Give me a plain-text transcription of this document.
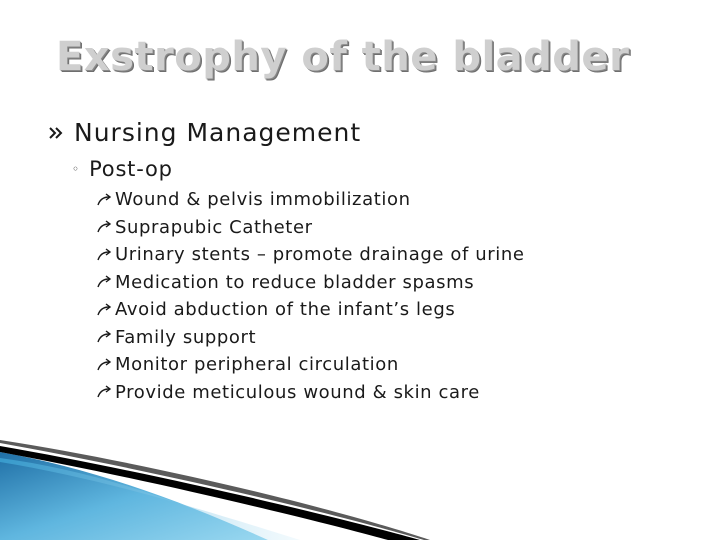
Exstrophy of the bladder
Nursing Management
◦ Post-op
Wound & pelvis immobilization
Suprapubic Catheter
Urinary stents – promote drainage of urine
Medication to reduce bladder spasms
Avoid abduction of the infant’s legs
Family support
Monitor peripheral circulation
Provide meticulous wound & skin care
